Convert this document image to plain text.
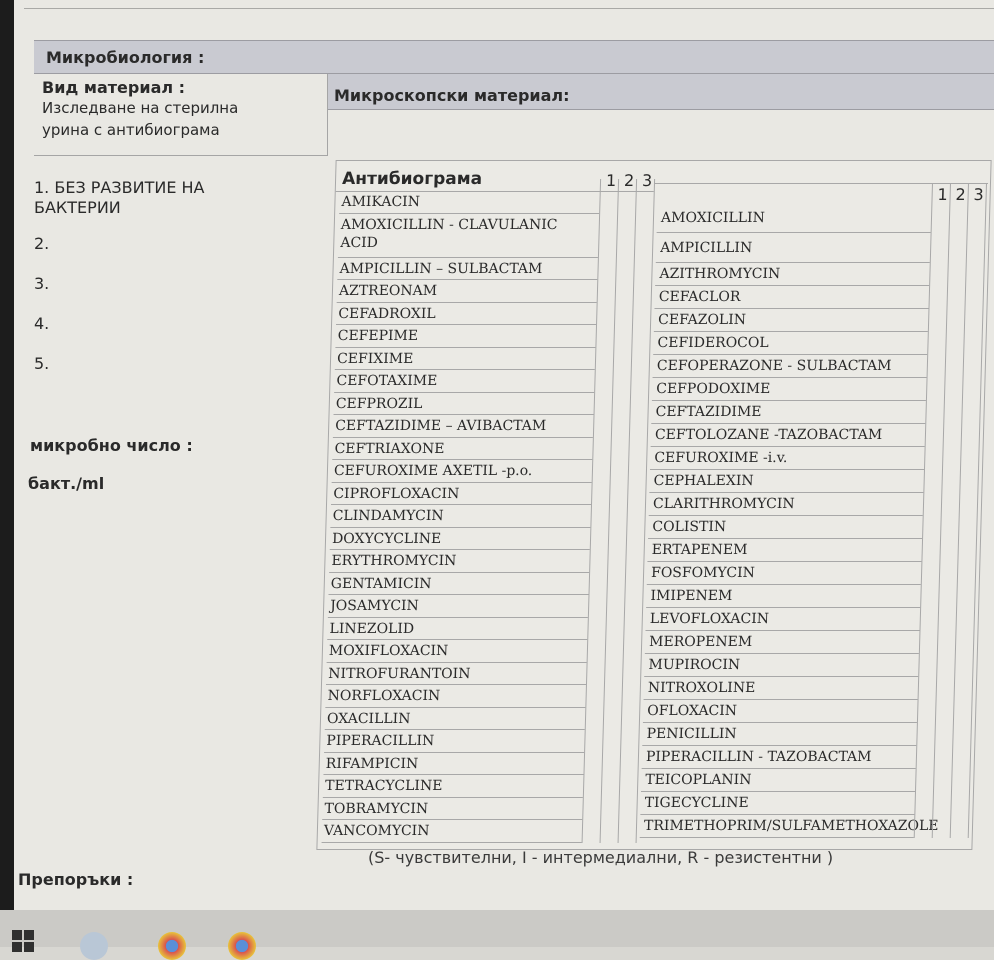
Микробиология :
Вид материал :
Изследване на стерилна
урина с антибиограма
Микроскопски материал:
1. БЕЗ РАЗВИТИЕ НА
БАКТЕРИИ
2.
3.
4.
5.
микробно число :
бакт./ml
Антибиограма	1 2 3
1 2 3
AMIKACIN
AMOXICILLIN - CLAVULANIC ACID
AMPICILLIN – SULBACTAM
AZTREONAM
CEFADROXIL
CEFEPIME
CEFIXIME
CEFOTAXIME
CEFPROZIL
CEFTAZIDIME – AVIBACTAM
CEFTRIAXONE
CEFUROXIME AXETIL -p.o.
CIPROFLOXACIN
CLINDAMYCIN
DOXYCYCLINE
ERYTHROMYCIN
GENTAMICIN
JOSAMYCIN
LINEZOLID
MOXIFLOXACIN
NITROFURANTOIN
NORFLOXACIN
OXACILLIN
PIPERACILLIN
RIFAMPICIN
TETRACYCLINE
TOBRAMYCIN
VANCOMYCIN
AMOXICILLIN
AMPICILLIN
AZITHROMYCIN
CEFACLOR
CEFAZOLIN
CEFIDEROCOL
CEFOPERAZONE - SULBACTAM
CEFPODOXIME
CEFTAZIDIME
CEFTOLOZANE -TAZOBACTAM
CEFUROXIME -i.v.
CEPHALEXIN
CLARITHROMYCIN
COLISTIN
ERTAPENEM
FOSFOMYCIN
IMIPENEM
LEVOFLOXACIN
MEROPENEM
MUPIROCIN
NITROXOLINE
OFLOXACIN
PENICILLIN
PIPERACILLIN - TAZOBACTAM
TEICOPLANIN
TIGECYCLINE
TRIMETHOPRIM/SULFAMETHOXAZOLE
(S- чувствителни, I - интермедиални, R - резистентни )
Препоръки :
